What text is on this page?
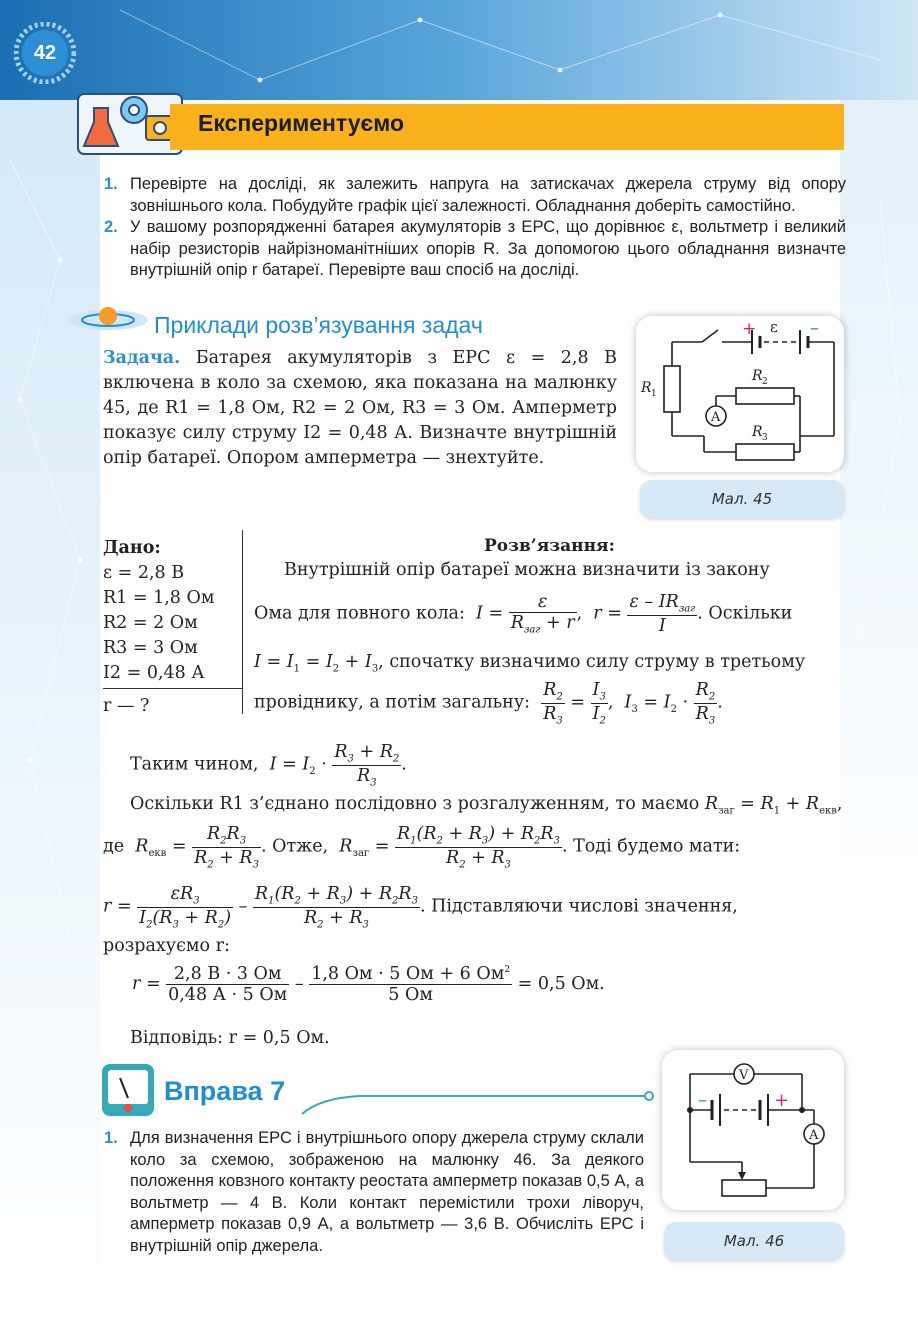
42
Експериментуємо
1. Перевірте на досліді, як залежить напруга на затискачах джерела струму від опору зовнішнього кола. Побудуйте графік цієї залежності. Обладнання доберіть самостійно.
2. У вашому розпорядженні батарея акумуляторів з ЕРС, що дорівнює ε, вольтметр і великий набір резисторів найрізноманітніших опорів R. За допомогою цього обладнання визначте внутрішній опір r батареї. Перевірте ваш спосіб на досліді.
Приклади розв’язування задач
Задача. Батарея акумуляторів з ЕРС ε = 2,8 В включена в коло за схемою, яка показана на малюнку 45, де R1 = 1,8 Ом, R2 = 2 Ом, R3 = 3 Ом. Амперметр показує силу струму I2 = 0,48 А. Визначте внутрішній опір батареї. Опором амперметра — знехтуйте.
+ ε –
R 1
R 2
R 3
A
Мал. 45
Дано:
ε = 2,8 В
R1 = 1,8 Ом
R2 = 2 Ом
R3 = 3 Ом
I2 = 0,48 А
r — ?
Розв’язання:
Внутрішній опір батареї можна визначити із закону
Ома для повного кола:  $I = \frac{\varepsilon}{R_{заг} + r}$ ,  $r = \frac{\varepsilon - IR_{заг}}{I}$ . Оскільки
$I = I_1 = I_2 + I_3$, спочатку визначимо силу струму в третьому
провіднику, а потім загальну: $\frac{R_2}{R_3} = \frac{I_3}{I_2}$ ,  $I_3 = I_2 \cdot \frac{R_2}{R_3}$ .
Таким чином, $I = I_2 \cdot \frac{R_3 + R_2}{R_3}$ .
Оскільки R1 з’єднано послідовно з розгалуженням, то маємо $R_{заг} = R_1 + R_{екв}$,
де $R_{екв} = \frac{R_2R_3}{R_2 + R_3}$ . Отже, $R_{заг} = \frac{R_1(R_2 + R_3) + R_2R_3}{R_2 + R_3}$ . Тоді будемо мати:
$r = \frac{\varepsilon R_3}{I_2(R_3 + R_2)} - \frac{R_1(R_2 + R_3) + R_2R_3}{R_2 + R_3}$ . Підставляючи числові значення,
розрахуємо r:
$r = \frac{2,8 В \cdot 3 Ом}{0,48 А \cdot 5 Ом} - \frac{1,8 Ом \cdot 5 Ом + 6 Ом^2}{5 Ом} = 0,5$ Ом.
Відповідь: r = 0,5 Ом.
Вправа 7
1. Для визначення ЕРС і внутрішнього опору джерела струму склали коло за схемою, зображеною на малюнку 46. За деякого положення ковзного контакту реостата амперметр показав 0,5 А, а вольтметр — 4 В. Коли контакт перемістили трохи ліворуч, амперметр показав 0,9 А, а вольтметр — 3,6 В. Обчисліть ЕРС і внутрішній опір джерела.
V
A
–	+
Мал. 46
